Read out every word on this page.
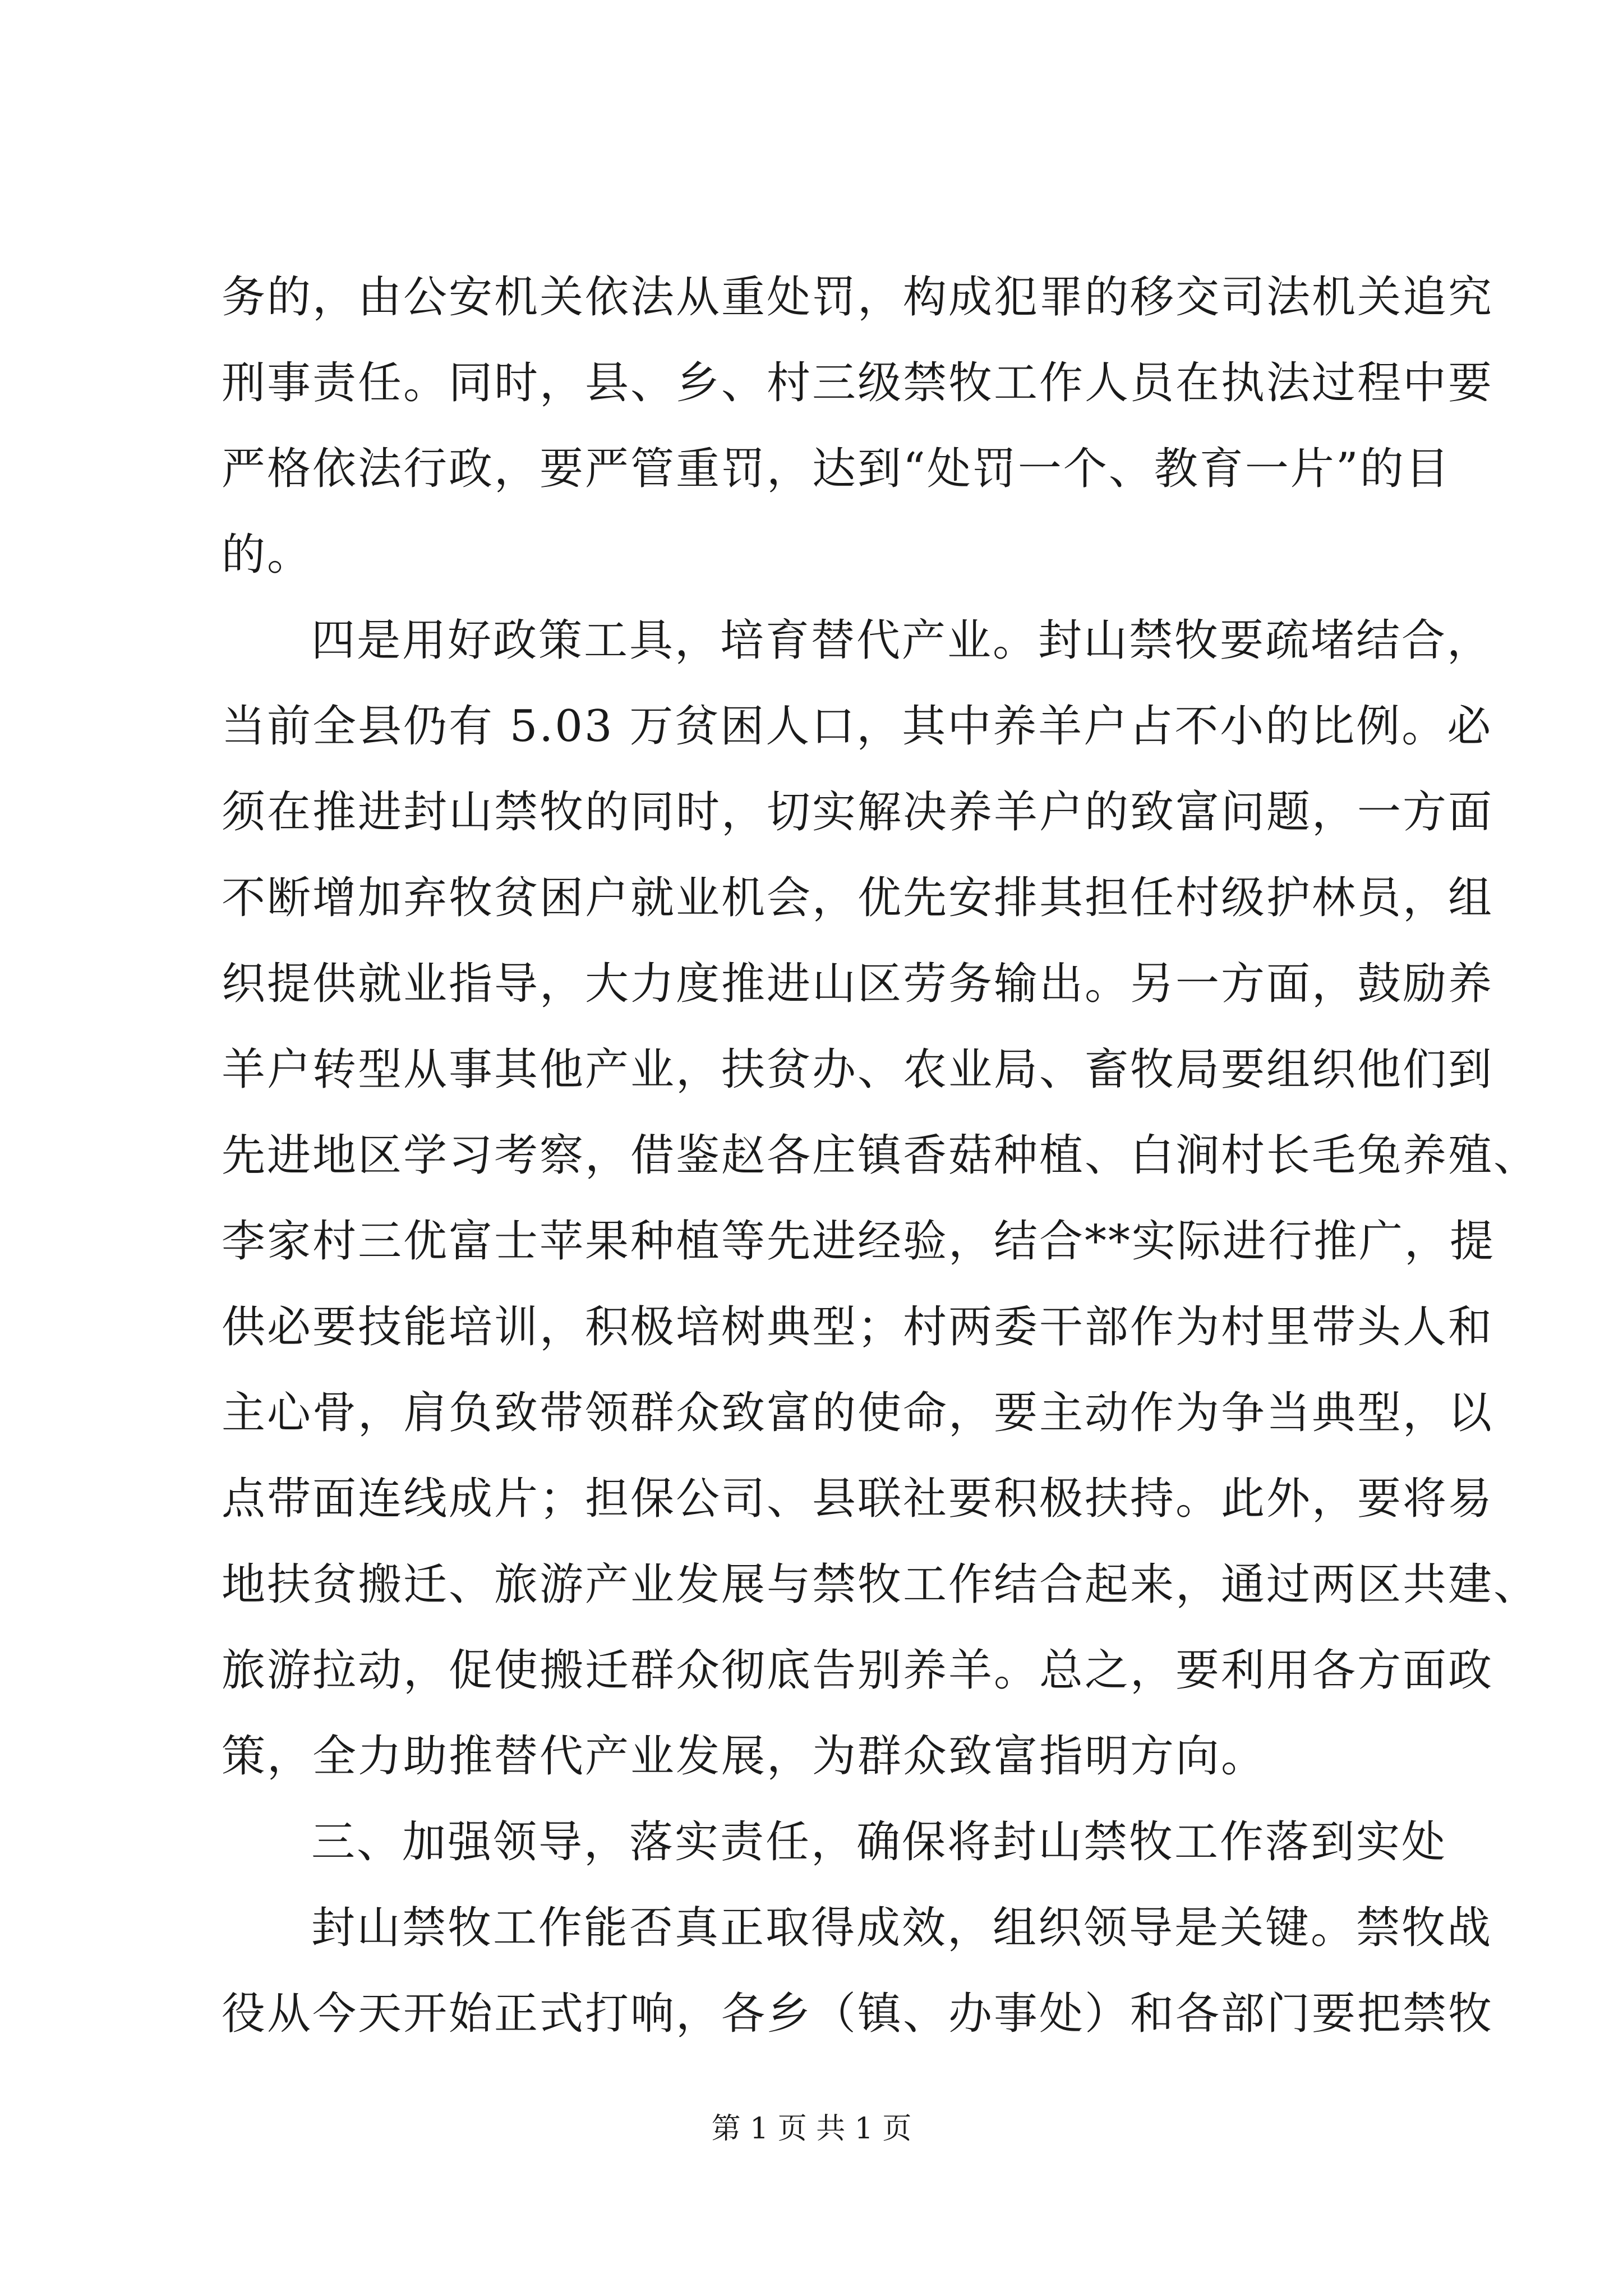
务的，由公安机关依法从重处罚，构成犯罪的移交司法机关追究
刑事责任。同时，县、乡、村三级禁牧工作人员在执法过程中要
严格依法行政，要严管重罚，达到“处罚一个、教育一片”的目
的。
四是用好政策工具，培育替代产业。封山禁牧要疏堵结合，
当前全县仍有 5.03 万贫困人口，其中养羊户占不小的比例。必
须在推进封山禁牧的同时，切实解决养羊户的致富问题，一方面
不断增加弃牧贫困户就业机会，优先安排其担任村级护林员，组
织提供就业指导，大力度推进山区劳务输出。另一方面，鼓励养
羊户转型从事其他产业，扶贫办、农业局、畜牧局要组织他们到
先进地区学习考察，借鉴赵各庄镇香菇种植、白涧村长毛兔养殖、
李家村三优富士苹果种植等先进经验，结合**实际进行推广，提
供必要技能培训，积极培树典型；村两委干部作为村里带头人和
主心骨，肩负致带领群众致富的使命，要主动作为争当典型，以
点带面连线成片；担保公司、县联社要积极扶持。此外，要将易
地扶贫搬迁、旅游产业发展与禁牧工作结合起来，通过两区共建、
旅游拉动，促使搬迁群众彻底告别养羊。总之，要利用各方面政
策，全力助推替代产业发展，为群众致富指明方向。
三、加强领导，落实责任，确保将封山禁牧工作落到实处
封山禁牧工作能否真正取得成效，组织领导是关键。禁牧战
役从今天开始正式打响，各乡（镇、办事处）和各部门要把禁牧
第 1 页 共 1 页
